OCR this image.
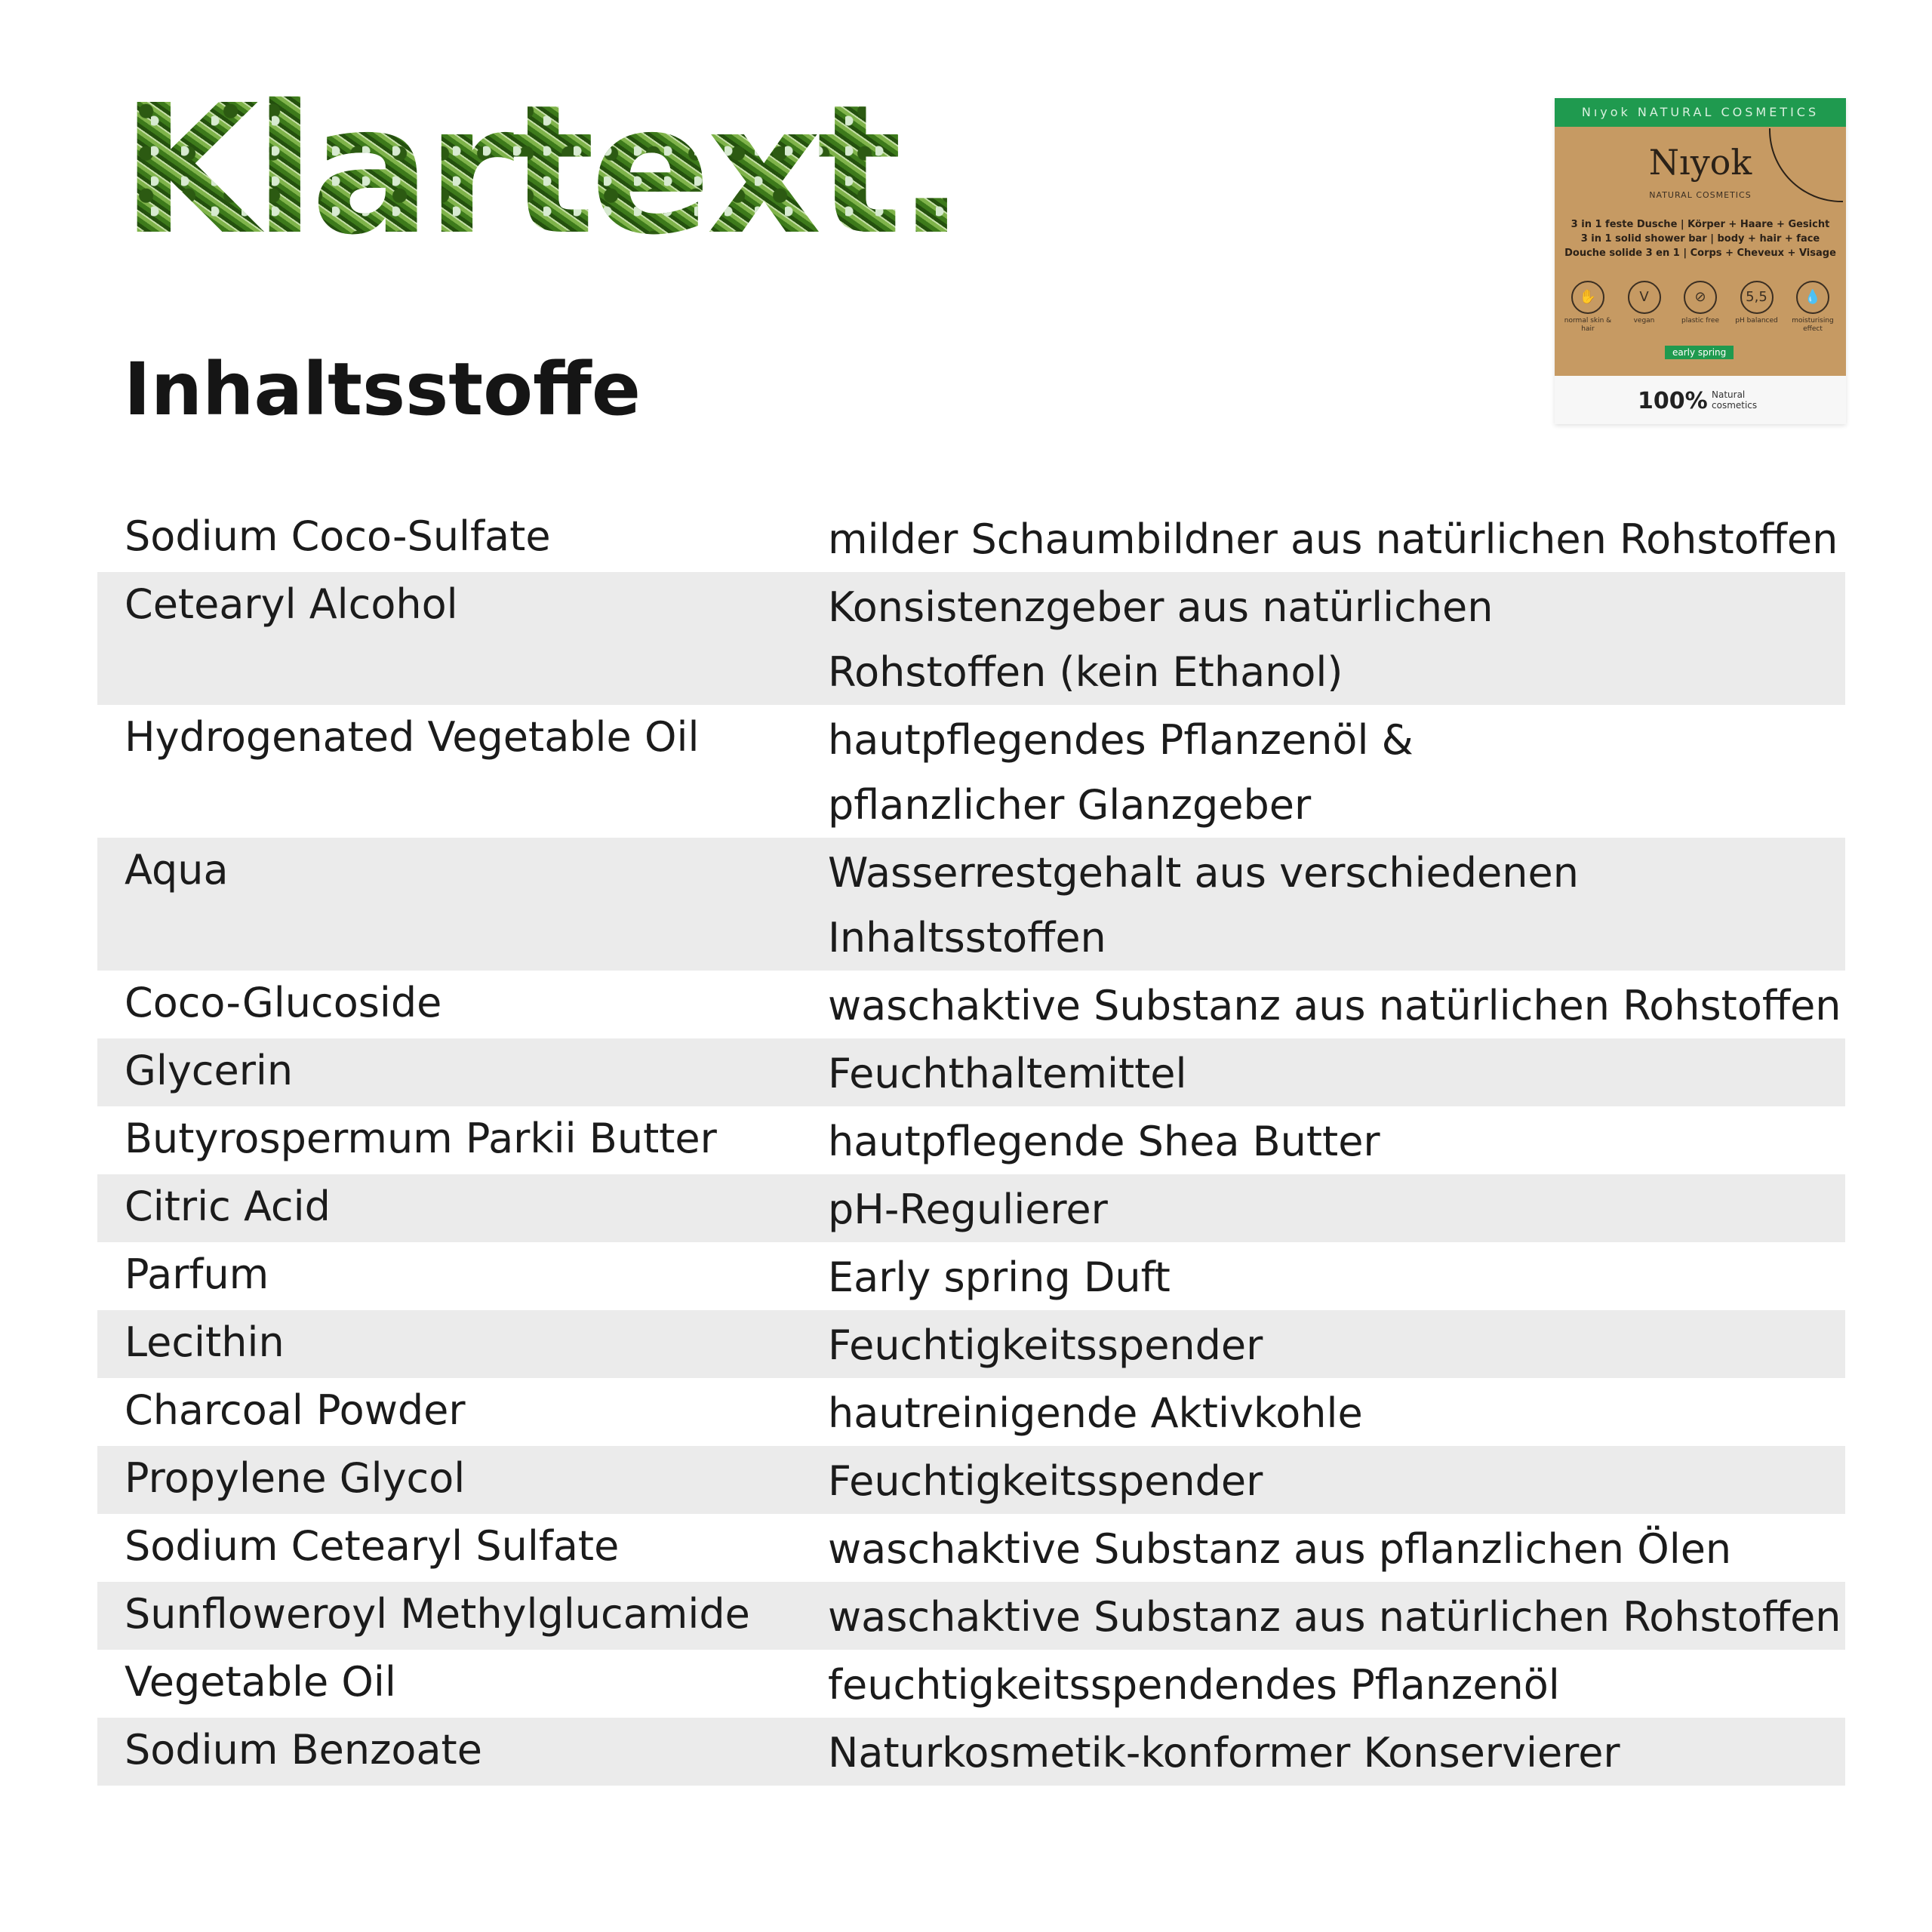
Klartext.
Inhaltsstoffe
Nıyok NATURAL COSMETICS
Nıyok
NATURAL COSMETICS
3 in 1 feste Dusche | Körper + Haare + Gesicht
3 in 1 solid shower bar | body + hair + face
Douche solide 3 en 1 | Corps + Cheveux + Visage
✋
normal skin & hair
V
vegan
⊘
plastic free
5,5
pH balanced
💧
moisturising effect
early spring
100% Natural
cosmetics
Sodium Coco-Sulfate	milder Schaumbildner aus natürlichen Rohstoffen
Cetearyl Alcohol	Konsistenzgeber aus natürlichen
Rohstoffen (kein Ethanol)
Hydrogenated Vegetable Oil	hautpflegendes Pflanzenöl &
pflanzlicher Glanzgeber
Aqua	Wasserrestgehalt aus verschiedenen Inhaltsstoffen
Coco-Glucoside	waschaktive Substanz aus natürlichen Rohstoffen
Glycerin	Feuchthaltemittel
Butyrospermum Parkii Butter	hautpflegende Shea Butter
Citric Acid	pH-Regulierer
Parfum	Early spring Duft
Lecithin	Feuchtigkeitsspender
Charcoal Powder	hautreinigende Aktivkohle
Propylene Glycol	Feuchtigkeitsspender
Sodium Cetearyl Sulfate	waschaktive Substanz aus pflanzlichen Ölen
Sunfloweroyl Methylglucamide	waschaktive Substanz aus natürlichen Rohstoffen
Vegetable Oil	feuchtigkeitsspendendes Pflanzenöl
Sodium Benzoate	Naturkosmetik-konformer Konservierer
